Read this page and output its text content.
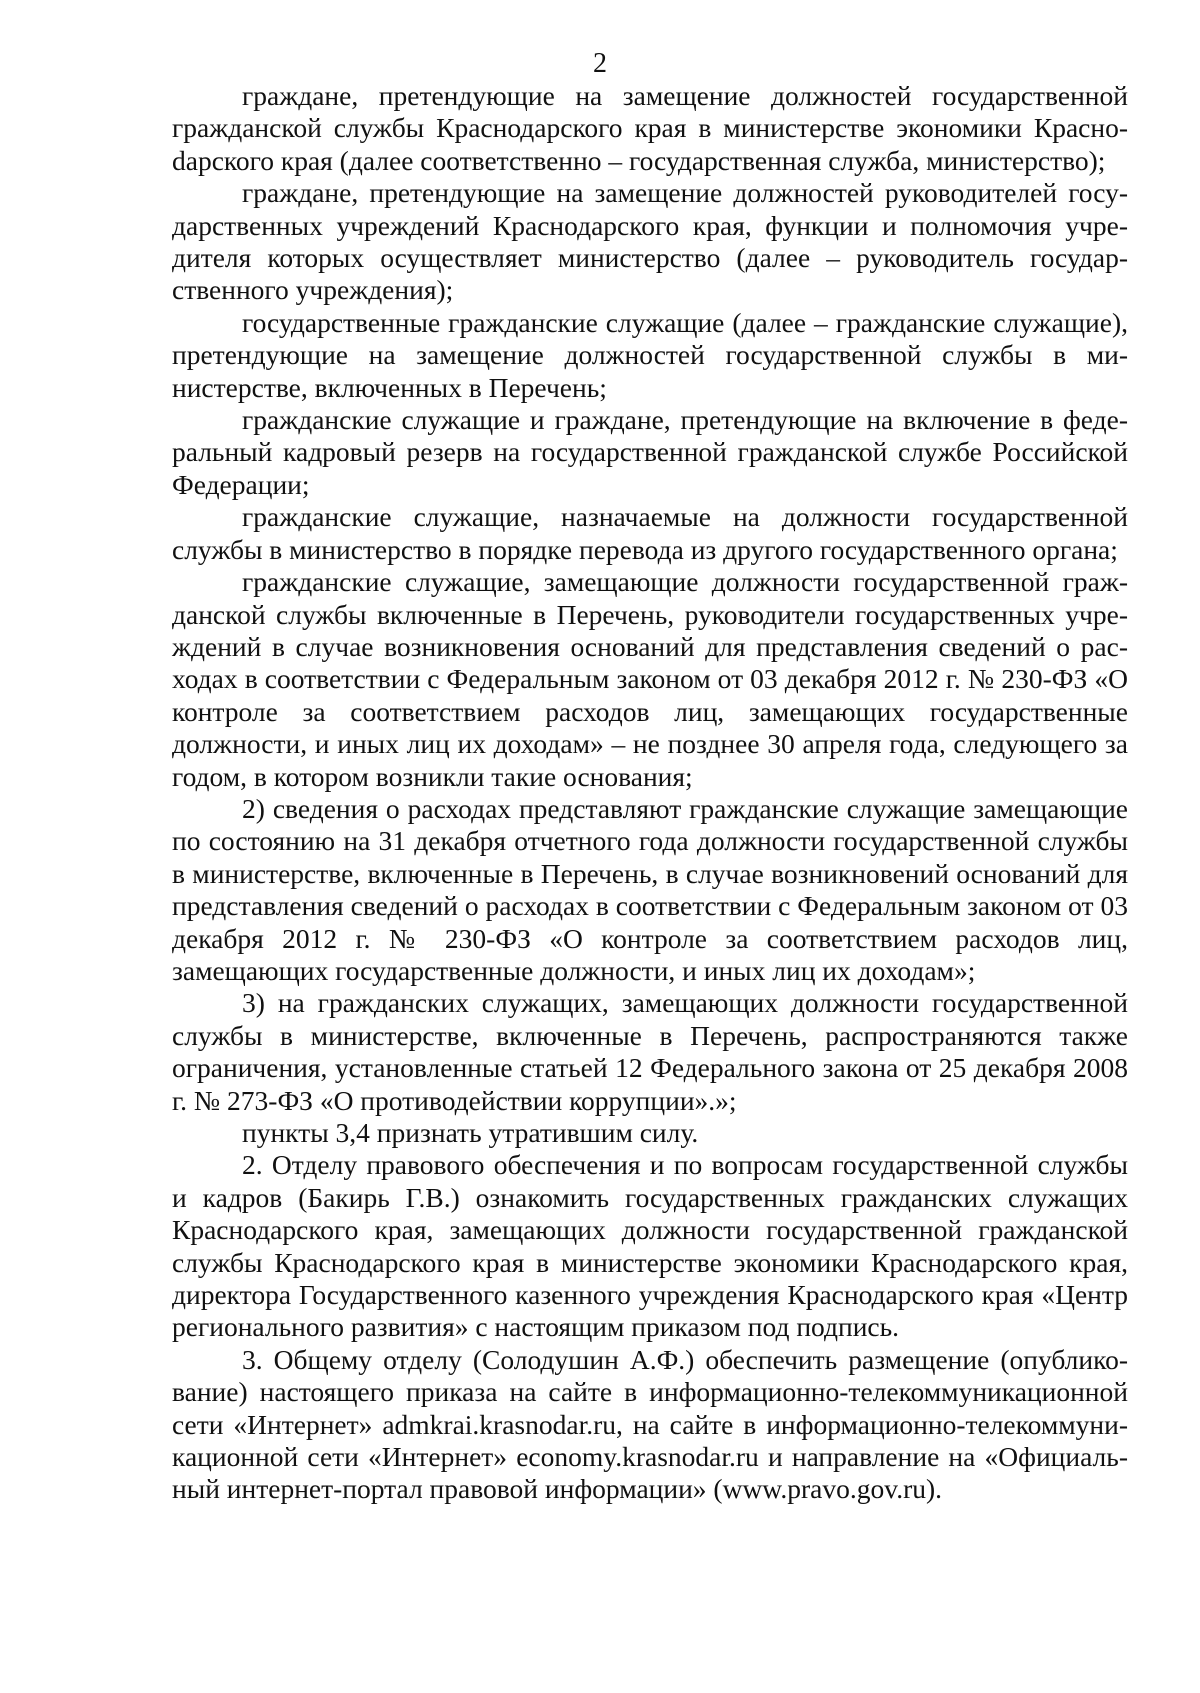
2

граждане, претендующие на замещение должностей государственной гражданской службы Краснодарского края в министерстве экономики Красноdарского края (далее соответственно – государственная служба, министерство);

граждане, претендующие на замещение должностей руководителей государственных учреждений Краснодарского края, функции и полномочия учредителя которых осуществляет министерство (далее – руководитель государственного учреждения);

государственные гражданские служащие (далее – гражданские служащие), претендующие на замещение должностей государственной службы в министерстве, включенных в Перечень;

гражданские служащие и граждане, претендующие на включение в федеральный кадровый резерв на государственной гражданской службе Российской Федерации;

гражданские служащие, назначаемые на должности государственной службы в министерство в порядке перевода из другого государственного органа;

гражданские служащие, замещающие должности государственной гражданской службы включенные в Перечень, руководители государственных учреждений в случае возникновения оснований для представления сведений о расходах в соответствии с Федеральным законом от 03 декабря 2012 г. № 230-ФЗ «О контроле за соответствием расходов лиц, замещающих государственные должности, и иных лиц их доходам» – не позднее 30 апреля года, следующего за годом, в котором возникли такие основания;

2) сведения о расходах представляют гражданские служащие замещающие по состоянию на 31 декабря отчетного года должности государственной службы в министерстве, включенные в Перечень, в случае возникновений оснований для представления сведений о расходах в соответствии с Федеральным законом от 03 декабря 2012 г. № 230-ФЗ «О контроле за соответствием расходов лиц, замещающих государственные должности, и иных лиц их доходам»;

3) на гражданских служащих, замещающих должности государственной службы в министерстве, включенные в Перечень, распространяются также ограничения, установленные статьей 12 Федерального закона от 25 декабря 2008 г. № 273-ФЗ «О противодействии коррупции».»;

пункты 3,4 признать утратившим силу.

2. Отделу правового обеспечения и по вопросам государственной службы и кадров (Бакирь Г.В.) ознакомить государственных гражданских служащих Краснодарского края, замещающих должности государственной гражданской службы Краснодарского края в министерстве экономики Краснодарского края, директора Государственного казенного учреждения Краснодарского края «Центр регионального развития» с настоящим приказом под подпись.

3. Общему отделу (Солодушин А.Ф.) обеспечить размещение (опубликование) настоящего приказа на сайте в информационно-телекоммуникационной сети «Интернет» admkrai.krasnodar.ru, на сайте в информационно-телекоммуникационной сети «Интернет» economy.krasnodar.ru и направление на «Официальный интернет-портал правовой информации» (www.pravo.gov.ru).
